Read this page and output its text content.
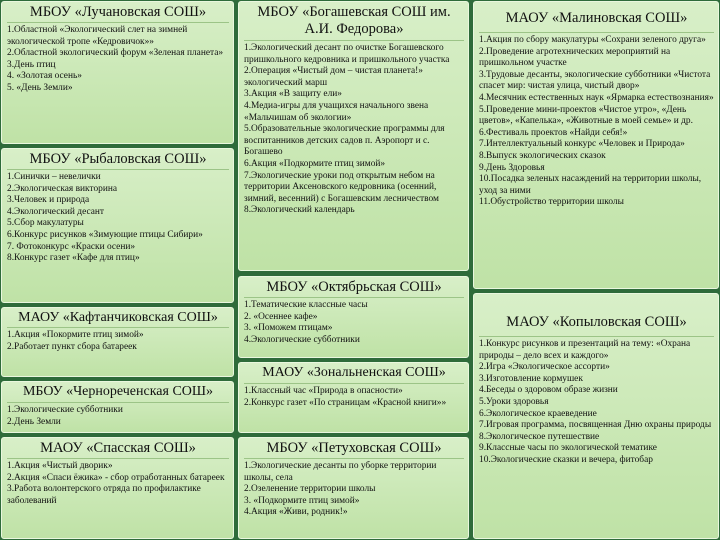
МБОУ «Лучановская СОШ»
1.Областной «Экологический слет на зимней экологической тропе «Кедровичок»»
2.Областной экологический форум «Зеленая планета»
3.День птиц
4. «Золотая осень»
5. «День Земли»
МБОУ «Рыбаловская СОШ»
1.Синички – невелички
2.Экологическая викторина
3.Человек и природа
4.Экологический десант
5.Сбор макулатуры
6.Конкурс рисунков «Зимующие птицы Сибири»
7. Фотоконкурс «Краски осени»
8.Конкурс газет «Кафе для птиц»
МАОУ «Кафтанчиковская СОШ»
1.Акция «Покормите птиц зимой»
2.Работает пункт сбора батареек
МБОУ «Чернореченская СОШ»
1.Экологические субботники
2.День Земли
МАОУ «Спасская СОШ»
1.Акция «Чистый дворик»
2.Акция «Спаси ёжика» - сбор отработанных батареек
3.Работа волонтерского отряда по профилактике заболеваний
МБОУ «Богашевская СОШ им. А.И. Федорова»
1.Экологический десант по очистке Богашевского пришкольного кедровника и пришкольного участка
2.Операция «Чистый дом – чистая планета!» экологический марш
3.Акция «В защиту ели»
4.Медиа-игры для учащихся начального звена «Мальчишам об экологии»
5.Образовательные экологические программы для воспитанников детских садов п. Аэропорт и с. Богашево
6.Акция «Подкормите птиц зимой»
7.Экологические уроки под открытым небом на территории Аксеновского кедровника (осенний, зимний, весенний) с Богашевским лесничеством
8.Экологический календарь
МБОУ «Октябрьская СОШ»
1.Тематические классные часы
2. «Осеннее кафе»
3. «Поможем птицам»
4.Экологические субботники
МАОУ «Зональненская СОШ»
1.Классный час «Природа в опасности»
2.Конкурс газет «По страницам «Красной книги»»
МБОУ «Петуховская СОШ»
1.Экологические десанты по уборке территории школы, села
2.Озеленение территории школы
3. «Подкормите птиц зимой»
4.Акция «Живи, родник!»
МАОУ «Малиновская СОШ»
1.Акция по сбору макулатуры «Сохрани зеленого друга»
2.Проведение агротехнических мероприятий на пришкольном участке
3.Трудовые десанты, экологические субботники «Чистота спасет мир: чистая улица, чистый двор»
4.Месячник естественных наук «Ярмарка естествознания»
5.Проведение мини-проектов «Чистое утро», «День цветов», «Капелька», «Животные в моей семье» и др.
6.Фестиваль проектов «Найди себя!»
7.Интеллектуальный конкурс «Человек и Природа»
8.Выпуск экологических сказок
9.День Здоровья
10.Посадка зеленых насаждений на территории школы, уход за ними
11.Обустройство территории школы
МАОУ «Копыловская СОШ»
1.Конкурс рисунков и презентаций на тему: «Охрана природы – дело всех и каждого»
2.Игра «Экологическое ассорти»
3.Изготовление кормушек
4.Беседы о здоровом образе жизни
5.Уроки здоровья
6.Экологическое краеведение
7.Игровая программа, посвященная Дню охраны природы
8.Экологическое путешествие
9.Классные часы по экологической тематике
10.Экологические сказки и вечера, фитобар
